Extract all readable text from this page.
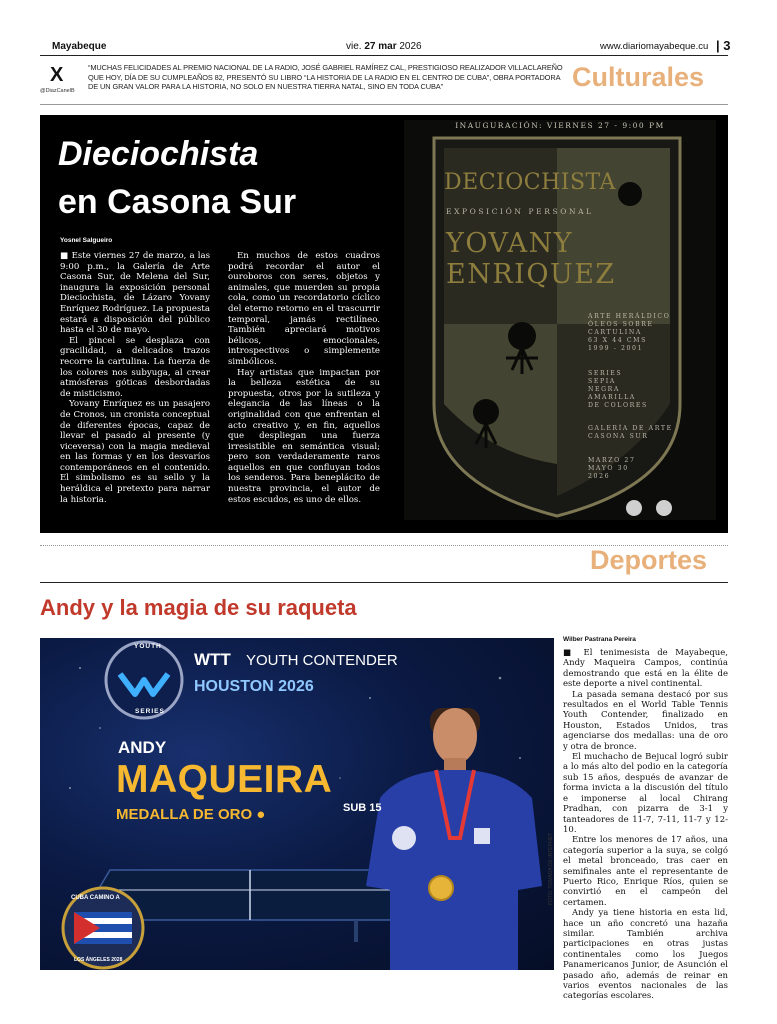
Mayabeque	vie. 27 mar 2026	www.diariomayabeque.cu | 3
X
@DiazCanelB
“MUCHAS FELICIDADES AL PREMIO NACIONAL DE LA RADIO, JOSÉ GABRIEL RAMÍREZ CAL, PRESTIGIOSO REALIZADOR VILLACLAREÑO QUE HOY, DÍA DE SU CUMPLEAÑOS 82, PRESENTÓ SU LIBRO “LA HISTORIA DE LA RADIO EN EL CENTRO DE CUBA”, OBRA PORTADORA DE UN GRAN VALOR PARA LA HISTORIA, NO SOLO EN NUESTRA TIERRA NATAL, SINO EN TODA CUBA”	Culturales
Dieciochista
en Casona Sur
Yosnel Salgueiro

■ Este viernes 27 de marzo, a las 9:00 p.m., la Galería de Arte Casona Sur, de Melena del Sur, inaugura la exposición personal Dieciochista, de Lázaro Yovany Enríquez Rodríguez. La propuesta estará a disposición del público hasta el 30 de mayo.

El pincel se desplaza con gracilidad, a delicados trazos recorre la cartulina. La fuerza de los colores nos subyuga, al crear atmósferas góticas desbordadas de misticismo.

Yovany Enríquez es un pasajero de Cronos, un cronista conceptual de diferentes épocas, capaz de llevar el pasado al presente (y viceversa) con la magia medieval en las formas y en los desvaríos contemporáneos en el contenido. El simbolismo es su sello y la heráldica el pretexto para narrar la historia.

En muchos de estos cuadros podrá recordar el autor el ouroboros con seres, objetos y animales, que muerden su propia cola, como un recordatorio cíclico del eterno retorno en el trascurrir temporal, jamás rectilíneo. También apreciará motivos bélicos, emocionales, introspectivos o simplemente simbólicos.

Hay artistas que impactan por la belleza estética de su propuesta, otros por la sutileza y elegancia de las líneas o la originalidad con que enfrentan el acto creativo y, en fin, aquellos que despliegan una fuerza irresistible en semántica visual; pero son verdaderamente raros aquellos en que confluyan todos los senderos. Para beneplácito de nuestra provincia, el autor de estos escudos, es uno de ellos.

INAUGURACIÓN: VIERNES 27 - 9:00 PM
DECIOCHISTA
EXPOSICIÓN PERSONAL
YOVANY
ENRIQUEZ
ARTE HERÁLDICO
ÓLEOS SOBRE
CARTULINA
63 X 44 CMS
1999 - 2001
SERIES
SEPIA
NEGRA
AMARILLA
DE COLORES
GALERÍA DE ARTE
CASONA SUR
MARZO 27
MAYO 30
2026
Deportes
Andy y la magia de su raqueta
YOUTH
SERIES
WTT YOUTH CONTENDER
HOUSTON 2026
ANDY
MAQUEIRA
MEDALLA DE ORO ●	SUB 15
CUBA CAMINO A
LOS ÁNGELES 2028
FOTO: TOMADA DE INTERNET
Wilber Pastrana Pereira

■ El tenimesista de Mayabeque, Andy Maqueira Campos, continúa demostrando que está en la élite de este deporte a nivel continental.

La pasada semana destacó por sus resultados en el World Table Tennis Youth Contender, finalizado en Houston, Estados Unidos, tras agenciarse dos medallas: una de oro y otra de bronce.

El muchacho de Bejucal logró subir a lo más alto del podio en la categoría sub 15 años, después de avanzar de forma invicta a la discusión del título e imponerse al local Chirang Pradhan, con pizarra de 3-1 y tanteadores de 11-7, 7-11, 11-7 y 12-10.

Entre los menores de 17 años, una categoría superior a la suya, se colgó el metal bronceado, tras caer en semifinales ante el representante de Puerto Rico, Enrique Ríos, quien se convirtió en el campeón del certamen.

Andy ya tiene historia en esta lid, hace un año concretó una hazaña similar. También archiva participaciones en otras justas continentales como los Juegos Panamericanos Junior, de Asunción el pasado año, además de reinar en varios eventos nacionales de las categorías escolares.
